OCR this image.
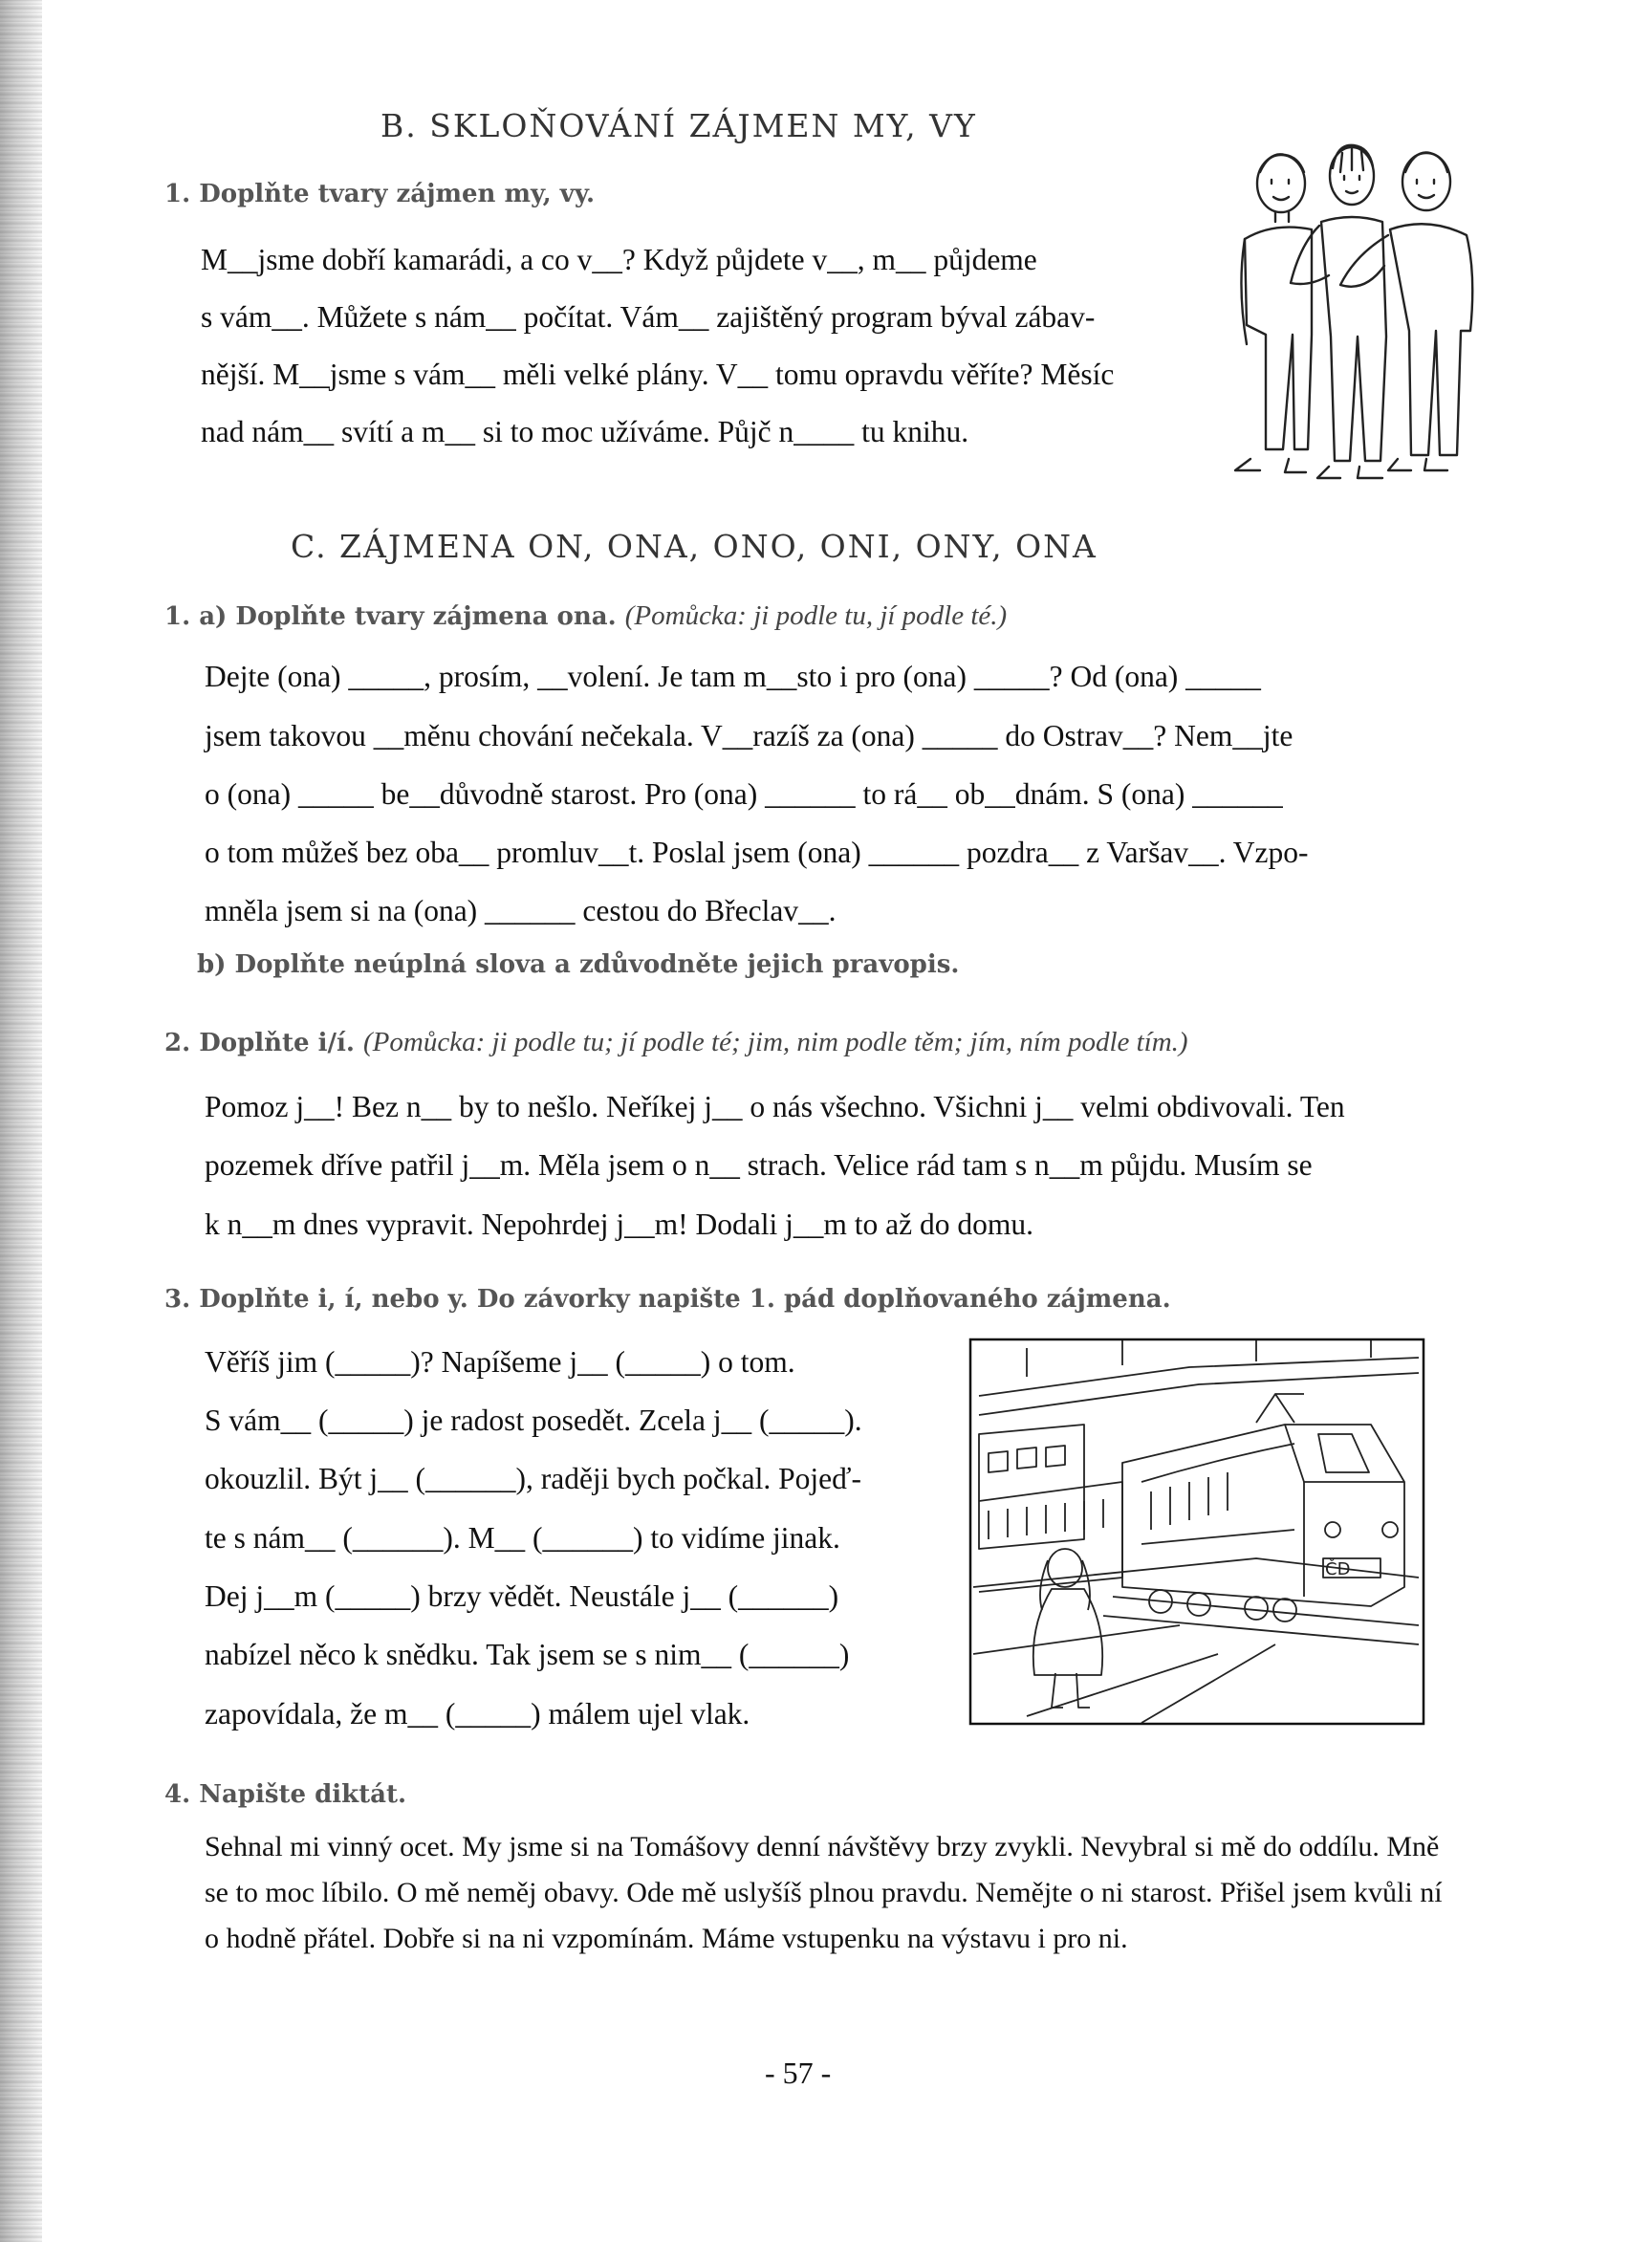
B. SKLOŇOVÁNÍ ZÁJMEN MY, VY
1. Doplňte tvary zájmen my, vy.
M__jsme dobří kamarádi, a co v__? Když půjdete v__, m__ půjdeme
s vám__. Můžete s nám__ počítat. Vám__ zajištěný program býval zábav-
nější. M__jsme s vám__ měli velké plány. V__ tomu opravdu věříte? Měsíc
nad nám__ svítí a m__ si to moc užíváme. Půjč n____ tu knihu.
C. ZÁJMENA ON, ONA, ONO, ONI, ONY, ONA
1. a) Doplňte tvary zájmena ona. (Pomůcka: ji podle tu, jí podle té.)
Dejte (ona) _____, prosím, __volení. Je tam m__sto i pro (ona) _____? Od (ona) _____
jsem takovou __měnu chování nečekala. V__razíš za (ona) _____ do Ostrav__? Nem__jte
o (ona) _____ be__důvodně starost. Pro (ona) ______ to rá__ ob__dnám. S (ona) ______
o tom můžeš bez oba__ promluv__t. Poslal jsem (ona) ______ pozdra__ z Varšav__. Vzpo-
mněla jsem si na (ona) ______ cestou do Břeclav__.
b) Doplňte neúplná slova a zdůvodněte jejich pravopis.
2. Doplňte i/í. (Pomůcka: ji podle tu; jí podle té; jim, nim podle těm; jím, ním podle tím.)
Pomoz j__! Bez n__ by to nešlo. Neříkej j__ o nás všechno. Všichni j__ velmi obdivovali. Ten
pozemek dříve patřil j__m. Měla jsem o n__ strach. Velice rád tam s n__m půjdu. Musím se
k n__m dnes vypravit. Nepohrdej j__m! Dodali j__m to až do domu.
3. Doplňte i, í, nebo y. Do závorky napište 1. pád doplňovaného zájmena.
Věříš jim (_____)? Napíšeme j__ (_____) o tom.
S vám__ (_____) je radost posedět. Zcela j__ (_____).
okouzlil. Být j__ (______), raději bych počkal. Pojeď-
te s nám__ (______). M__ (______) to vidíme jinak.
Dej j__m (_____) brzy vědět. Neustále j__ (______)
nabízel něco k snědku. Tak jsem se s nim__ (______)
zapovídala, že m__ (_____) málem ujel vlak.
ČD
4. Napište diktát.
Sehnal mi vinný ocet. My jsme si na Tomášovy denní návštěvy brzy zvykli. Nevybral si mě do oddílu. Mně se to moc líbilo. O mě neměj obavy. Ode mě uslyšíš plnou pravdu. Nemějte o ni starost. Přišel jsem kvůli ní o hodně přátel. Dobře si na ni vzpomínám. Máme vstupenku na výstavu i pro ni.
- 57 -
